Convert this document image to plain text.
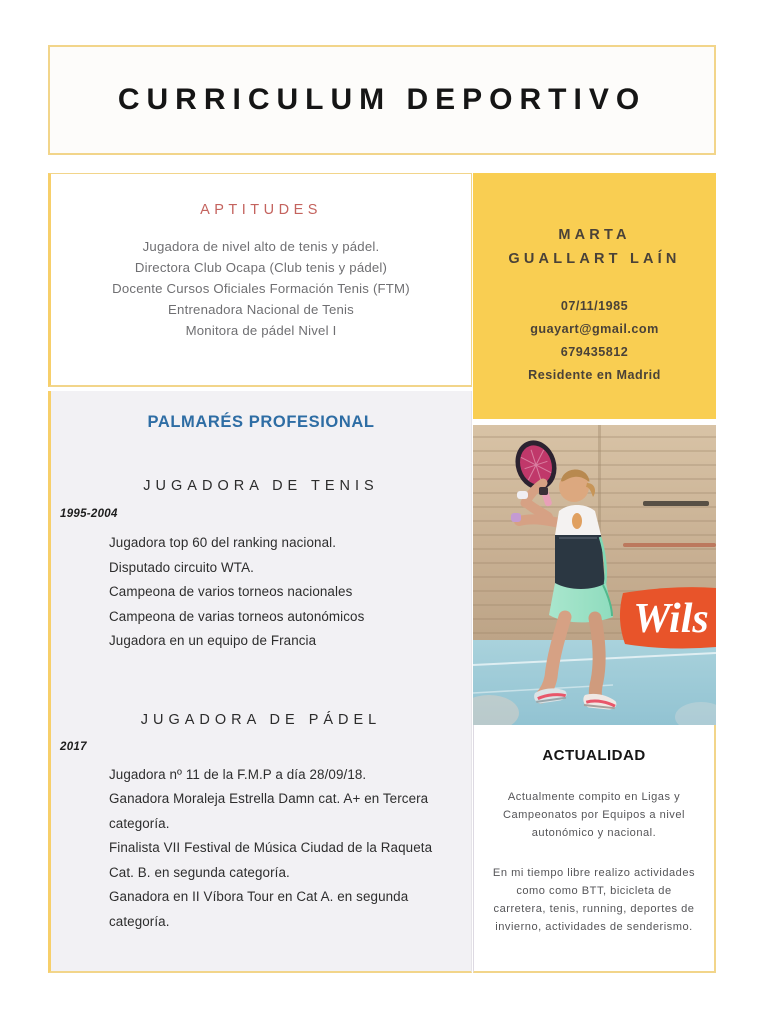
CURRICULUM DEPORTIVO
APTITUDES
Jugadora de nivel alto de tenis y pádel.
Directora Club Ocapa (Club tenis y pádel)
Docente Cursos Oficiales Formación Tenis (FTM)
Entrenadora Nacional de Tenis
Monitora de pádel Nivel I
MARTA
GUALLART LAÍN
07/11/1985
guayart@gmail.com
679435812
Residente en Madrid
Wils
PALMARÉS PROFESIONAL
JUGADORA DE TENIS
1995-2004
Jugadora top 60 del ranking nacional.
Disputado circuito WTA.
Campeona de varios torneos nacionales
Campeona de varias torneos autonómicos
Jugadora en un equipo de Francia
JUGADORA DE PÁDEL
2017
Jugadora nº 11 de la F.M.P a día 28/09/18.
Ganadora Moraleja Estrella Damn cat. A+ en Tercera categoría.
Finalista VII Festival de Música Ciudad de la Raqueta Cat. B. en segunda categoría.
Ganadora en II Víbora Tour en Cat A. en segunda categoría.
ACTUALIDAD
Actualmente compito en Ligas y Campeonatos por Equipos a nivel autonómico y nacional.
En mi tiempo libre realizo actividades como como BTT, bicicleta de carretera, tenis, running, deportes de invierno, actividades de senderismo.
